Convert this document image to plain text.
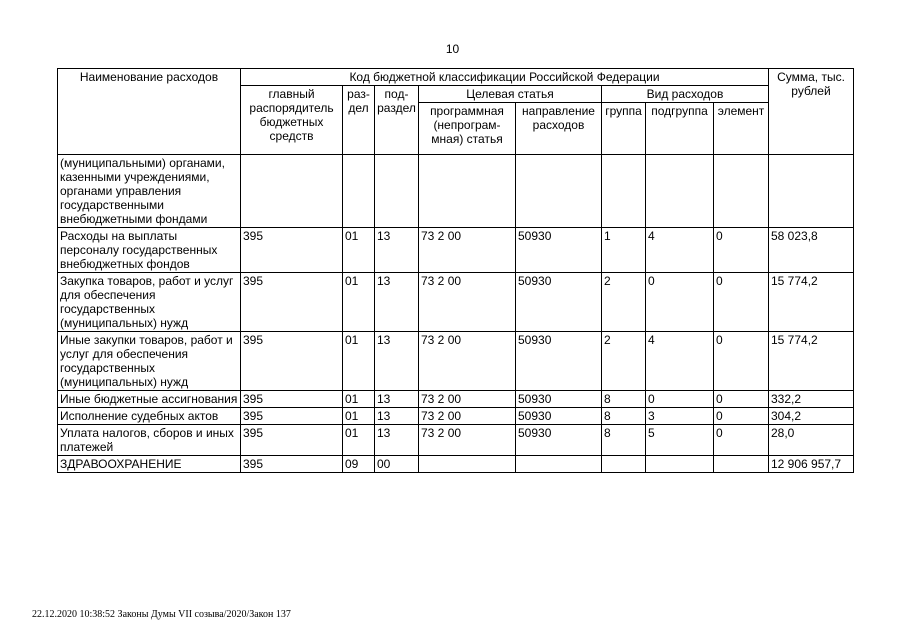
10
Наименование расходов	Код бюджетной классификации Российской Федерации								Сумма, тыс. рублей
	главный распорядитель бюджетных средств	раз-дел	под-раздел	Целевая статья		Вид расходов			
				программная (непрограм-мная) статья	направление расходов	группа	подгруппа	элемент	
(муниципальными) органами, казенными учреждениями, органами управления государственными внебюджетными фондами									
Расходы на выплаты персоналу государственных внебюджетных фондов	395	01	13	73 2 00	50930	1	4	0	58 023,8
Закупка товаров, работ и услуг для обеспечения государственных (муниципальных) нужд	395	01	13	73 2 00	50930	2	0	0	15 774,2
Иные закупки товаров, работ и услуг для обеспечения государственных (муниципальных) нужд	395	01	13	73 2 00	50930	2	4	0	15 774,2
Иные бюджетные ассигнования	395	01	13	73 2 00	50930	8	0	0	332,2
Исполнение судебных актов	395	01	13	73 2 00	50930	8	3	0	304,2
Уплата налогов, сборов и иных платежей	395	01	13	73 2 00	50930	8	5	0	28,0
ЗДРАВООХРАНЕНИЕ	395	09	00						12 906 957,7
22.12.2020 10:38:52 Законы Думы VII созыва/2020/Закон 137
